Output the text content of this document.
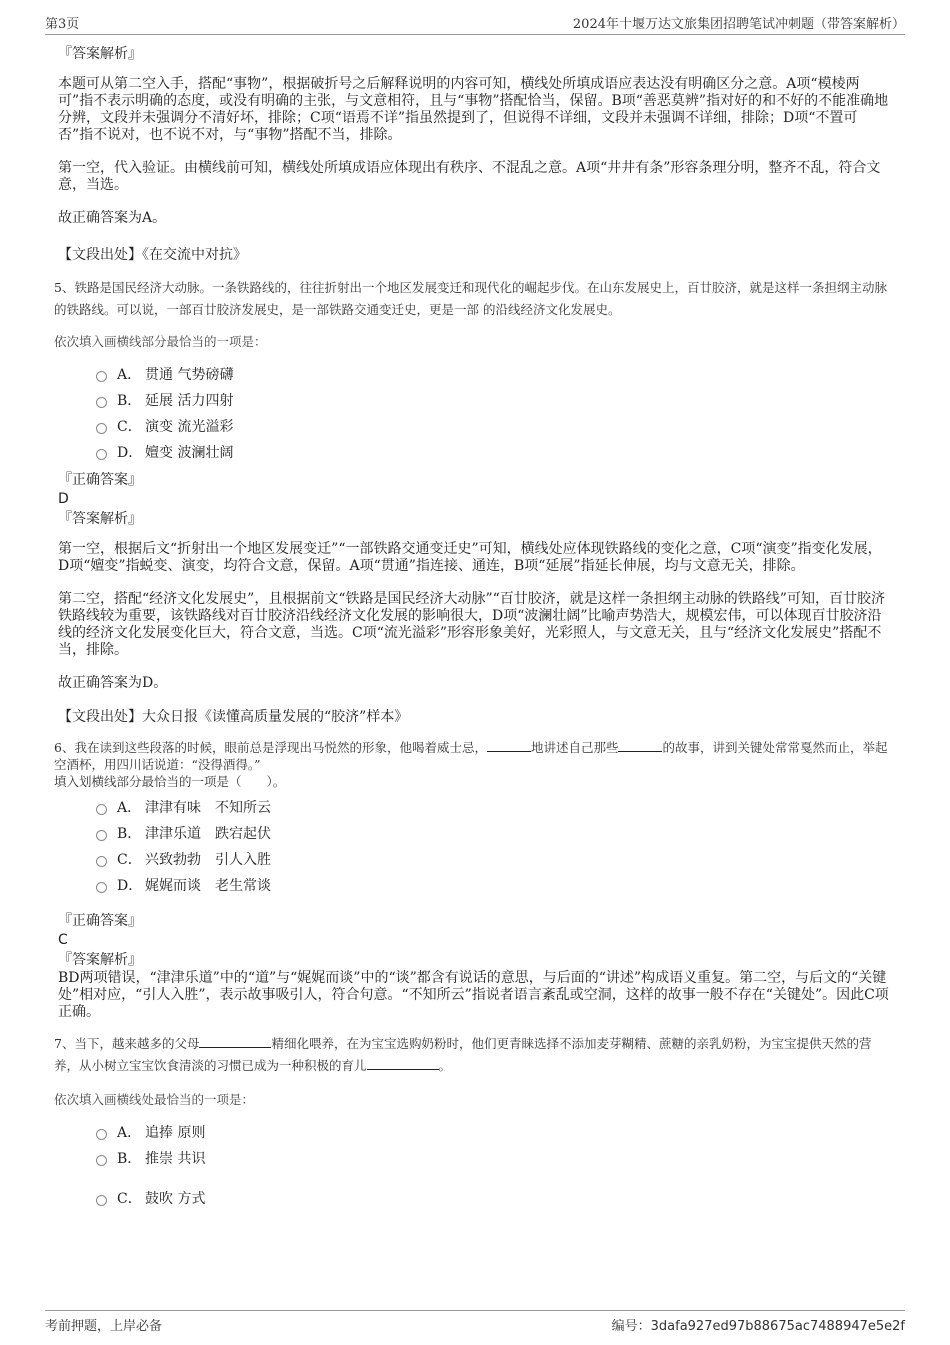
第3页	2024年十堰万达文旅集团招聘笔试冲刺题（带答案解析）

『答案解析』

本题可从第二空入手，搭配“事物”，根据破折号之后解释说明的内容可知，横线处所填成语应表达没有明确区分之意。A项“模棱两可”指不表示明确的态度，或没有明确的主张，与文意相符，且与“事物”搭配恰当，保留。B项“善恶莫辨”指对好的和不好的不能准确地分辨，文段并未强调分不清好坏，排除；C项“语焉不详”指虽然提到了，但说得不详细，文段并未强调不详细，排除；D项“不置可否”指不说对，也不说不对，与“事物”搭配不当，排除。

第一空，代入验证。由横线前可知，横线处所填成语应体现出有秩序、不混乱之意。A项“井井有条”形容条理分明，整齐不乱，符合文意，当选。

故正确答案为A。

【文段出处】《在交流中对抗》

5、铁路是国民经济大动脉。一条铁路线的，往往折射出一个地区发展变迁和现代化的崛起步伐。在山东发展史上，百廿胶济，就是这样一条担纲主动脉的铁路线。可以说，一部百廿胶济发展史，是一部铁路交通变迁史，更是一部 的沿线经济文化发展史。

依次填入画横线部分最恰当的一项是：

A． 贯通 气势磅礴
B． 延展 活力四射
C． 演变 流光溢彩
D． 嬗变 波澜壮阔

『正确答案』

D

『答案解析』

第一空，根据后文“折射出一个地区发展变迁”“一部铁路交通变迁史”可知，横线处应体现铁路线的变化之意，C项“演变”指变化发展，D项“嬗变”指蜕变、演变，均符合文意，保留。A项“贯通”指连接、通连，B项“延展”指延长伸展，均与文意无关，排除。

第二空，搭配“经济文化发展史”，且根据前文“铁路是国民经济大动脉”“百廿胶济，就是这样一条担纲主动脉的铁路线”可知，百廿胶济铁路线较为重要，该铁路线对百廿胶济沿线经济文化发展的影响很大，D项“波澜壮阔”比喻声势浩大，规模宏伟，可以体现百廿胶济沿线的经济文化发展变化巨大，符合文意，当选。C项“流光溢彩”形容形象美好，光彩照人，与文意无关，且与“经济文化发展史”搭配不当，排除。

故正确答案为D。

【文段出处】大众日报《读懂高质量发展的“胶济”样本》

6、我在读到这些段落的时候，眼前总是浮现出马悦然的形象，他喝着威士忌，	地讲述自己那些	的故事，讲到关键处常常戛然而止，举起空酒杯，用四川话说道：“没得酒得。”

填入划横线部分最恰当的一项是（　　）。

A． 津津有味　不知所云
B． 津津乐道　跌宕起伏
C． 兴致勃勃　引人入胜
D． 娓娓而谈　老生常谈

『正确答案』

C

『答案解析』

BD两项错误，“津津乐道”中的“道”与“娓娓而谈”中的“谈”都含有说话的意思，与后面的“讲述”构成语义重复。第二空，与后文的“关键处”相对应，“引人入胜”，表示故事吸引人，符合句意。“不知所云”指说者语言紊乱或空洞，这样的故事一般不存在“关键处”。因此C项正确。

7、当下，越来越多的父母	精细化喂养，在为宝宝选购奶粉时，他们更青睐选择不添加麦芽糊精、蔗糖的亲乳奶粉，为宝宝提供天然的营养，从小树立宝宝饮食清淡的习惯已成为一种积极的育儿	。

依次填入画横线处最恰当的一项是：

A． 追捧 原则
B． 推崇 共识
C． 鼓吹 方式
考前押题，上岸必备	编号：3dafa927ed97b88675ac7488947e5e2f
